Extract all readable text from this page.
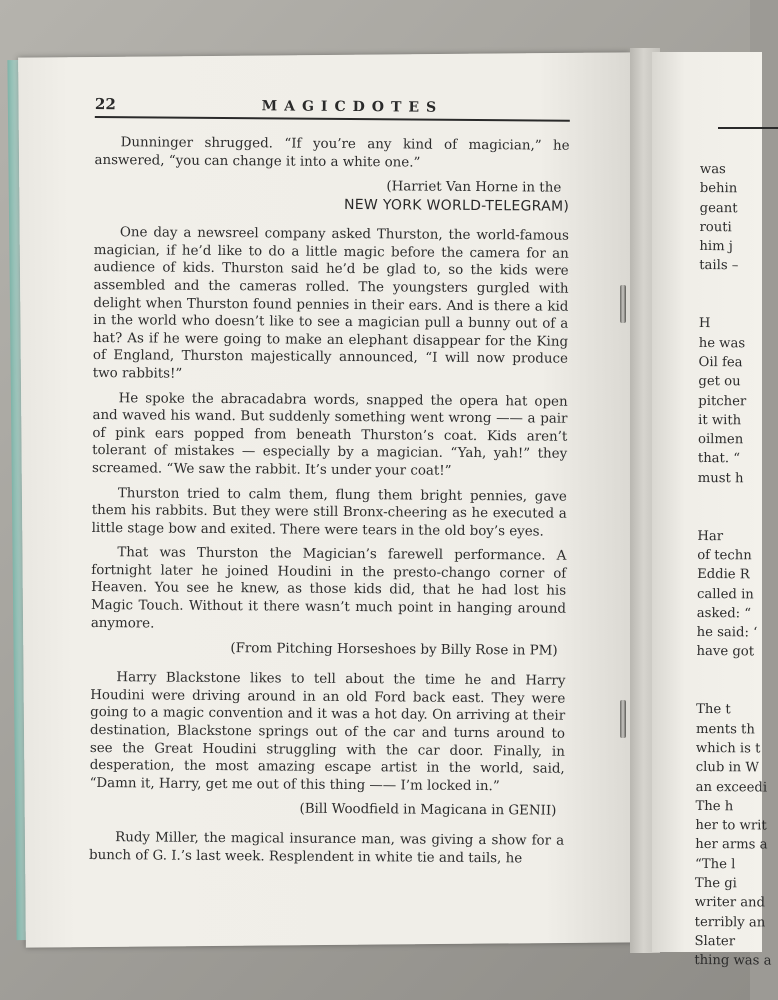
22	MAGICDOTES

Dunninger shrugged. “If you’re any kind of magician,” he answered, “you can change it into a white one.”

(Harriet Van Horne in the
NEW YORK WORLD-TELEGRAM)

One day a newsreel company asked Thurston, the world-famous magician, if he’d like to do a little magic before the camera for an audience of kids. Thurston said he’d be glad to, so the kids were assembled and the cameras rolled. The youngsters gurgled with delight when Thurston found pennies in their ears. And is there a kid in the world who doesn’t like to see a magician pull a bunny out of a hat? As if he were going to make an elephant disappear for the King of England, Thurston majestically announced, “I will now produce two rabbits!”

He spoke the abracadabra words, snapped the opera hat open and waved his wand. But suddenly something went wrong —— a pair of pink ears popped from beneath Thurston’s coat. Kids aren’t tolerant of mistakes — especially by a magician. “Yah, yah!” they screamed. “We saw the rabbit. It’s under your coat!”

Thurston tried to calm them, flung them bright pennies, gave them his rabbits. But they were still Bronx-cheering as he executed a little stage bow and exited. There were tears in the old boy’s eyes.

That was Thurston the Magician’s farewell performance. A fortnight later he joined Houdini in the presto-chango corner of Heaven. You see he knew, as those kids did, that he had lost his Magic Touch. Without it there wasn’t much point in hanging around anymore.

(From Pitching Horseshoes by Billy Rose in PM)

Harry Blackstone likes to tell about the time he and Harry Houdini were driving around in an old Ford back east. They were going to a magic convention and it was a hot day. On arriving at their destination, Blackstone springs out of the car and turns around to see the Great Houdini struggling with the car door. Finally, in desperation, the most amazing escape artist in the world, said, “Damn it, Harry, get me out of this thing —— I’m locked in.”

(Bill Woodfield in Magicana in GENII)

Rudy Miller, the magical insurance man, was giving a show for a bunch of G. I.’s last week. Resplendent in white tie and tails, he

was
behin
geant
routi
him j
tails –
H
he was
Oil fea
get ou
pitcher
it with
oilmen
that. “
must h
Har
of techn
Eddie R
called in
asked: “
he said: ‘
have got
The t
ments th
which is t
club in W
an exceedi
The h
her to writ
her arms a
“The l
The gi
writer and
terribly an
Slater
thing was a
